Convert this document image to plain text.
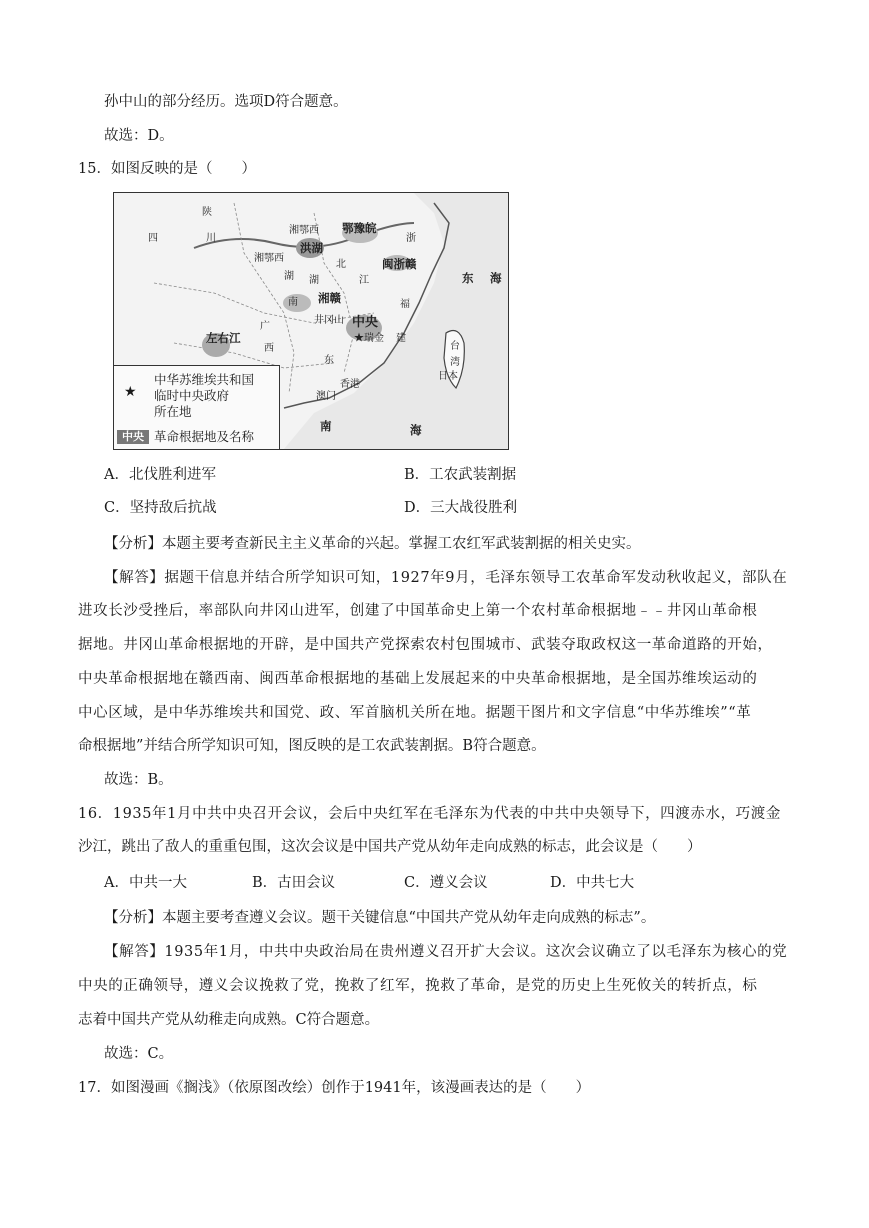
孙中山的部分经历。选项D符合题意。
故选：D。
15．如图反映的是（　　）
四	川
陕
鄂豫皖
湘鄂西
洪湖
湘鄂西
湖
北
浙
江
闽浙赣
湖
南 湘赣
井冈山 中央
★瑞金
福
建
广
西
东
左右江
东 海
台
湾
日本
香港
澳门
南	海
★
中华苏维埃共和国
临时中央政府
所在地
中央 革命根据地及名称
A．北伐胜利进军	B．工农武装割据
C．坚持敌后抗战	D．三大战役胜利
【分析】本题主要考查新民主主义革命的兴起。掌握工农红军武装割据的相关史实。
【解答】据题干信息并结合所学知识可知，1927年9月，毛泽东领导工农革命军发动秋收起义，部队在
进攻长沙受挫后，率部队向井冈山进军，创建了中国革命史上第一个农村革命根据地﹣﹣井冈山革命根
据地。井冈山革命根据地的开辟，是中国共产党探索农村包围城市、武装夺取政权这一革命道路的开始，
中央革命根据地在赣西南、闽西革命根据地的基础上发展起来的中央革命根据地，是全国苏维埃运动的
中心区域，是中华苏维埃共和国党、政、军首脑机关所在地。据题干图片和文字信息“中华苏维埃”“革
命根据地”并结合所学知识可知，图反映的是工农武装割据。B符合题意。
故选：B。
16．1935年1月中共中央召开会议，会后中央红军在毛泽东为代表的中共中央领导下，四渡赤水，巧渡金
沙江，跳出了敌人的重重包围，这次会议是中国共产党从幼年走向成熟的标志，此会议是（　　）
A．中共一大	B．古田会议	C．遵义会议	D．中共七大
【分析】本题主要考查遵义会议。题干关键信息“中国共产党从幼年走向成熟的标志”。
【解答】1935年1月，中共中央政治局在贵州遵义召开扩大会议。这次会议确立了以毛泽东为核心的党
中央的正确领导，遵义会议挽救了党，挽救了红军，挽救了革命，是党的历史上生死攸关的转折点，标
志着中国共产党从幼稚走向成熟。C符合题意。
故选：C。
17．如图漫画《搁浅》（依原图改绘）创作于1941年，该漫画表达的是（　　）
